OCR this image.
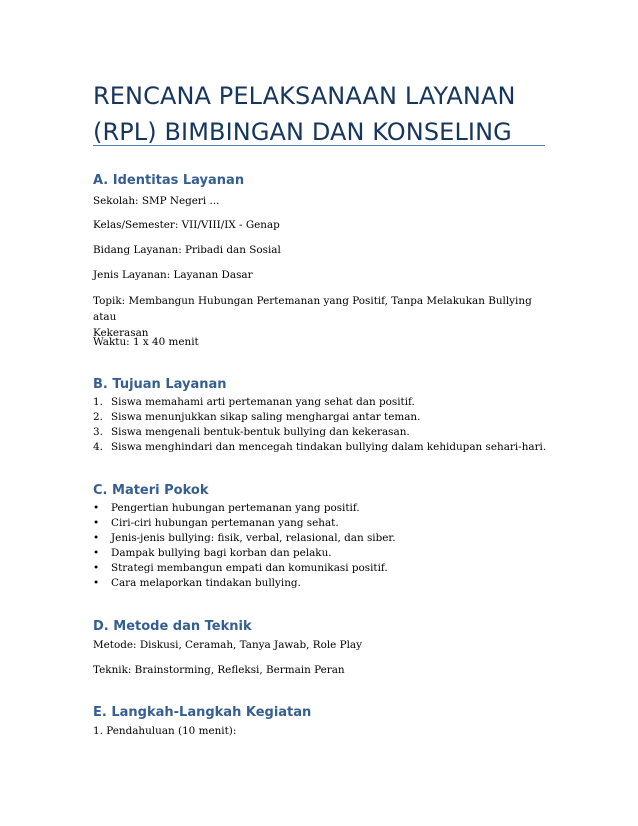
RENCANA PELAKSANAAN LAYANAN
(RPL) BIMBINGAN DAN KONSELING
A. Identitas Layanan

Sekolah: SMP Negeri ...

Kelas/Semester: VII/VIII/IX - Genap

Bidang Layanan: Pribadi dan Sosial

Jenis Layanan: Layanan Dasar

Topik: Membangun Hubungan Pertemanan yang Positif, Tanpa Melakukan Bullying atau
Kekerasan

Waktu: 1 x 40 menit

B. Tujuan Layanan
1. Siswa memahami arti pertemanan yang sehat dan positif.
2. Siswa menunjukkan sikap saling menghargai antar teman.
3. Siswa mengenali bentuk-bentuk bullying dan kekerasan.
4. Siswa menghindari dan mencegah tindakan bullying dalam kehidupan sehari-hari.
C. Materi Pokok
• Pengertian hubungan pertemanan yang positif.
• Ciri-ciri hubungan pertemanan yang sehat.
• Jenis-jenis bullying: fisik, verbal, relasional, dan siber.
• Dampak bullying bagi korban dan pelaku.
• Strategi membangun empati dan komunikasi positif.
• Cara melaporkan tindakan bullying.
D. Metode dan Teknik

Metode: Diskusi, Ceramah, Tanya Jawab, Role Play

Teknik: Brainstorming, Refleksi, Bermain Peran

E. Langkah-Langkah Kegiatan

1. Pendahuluan (10 menit):
